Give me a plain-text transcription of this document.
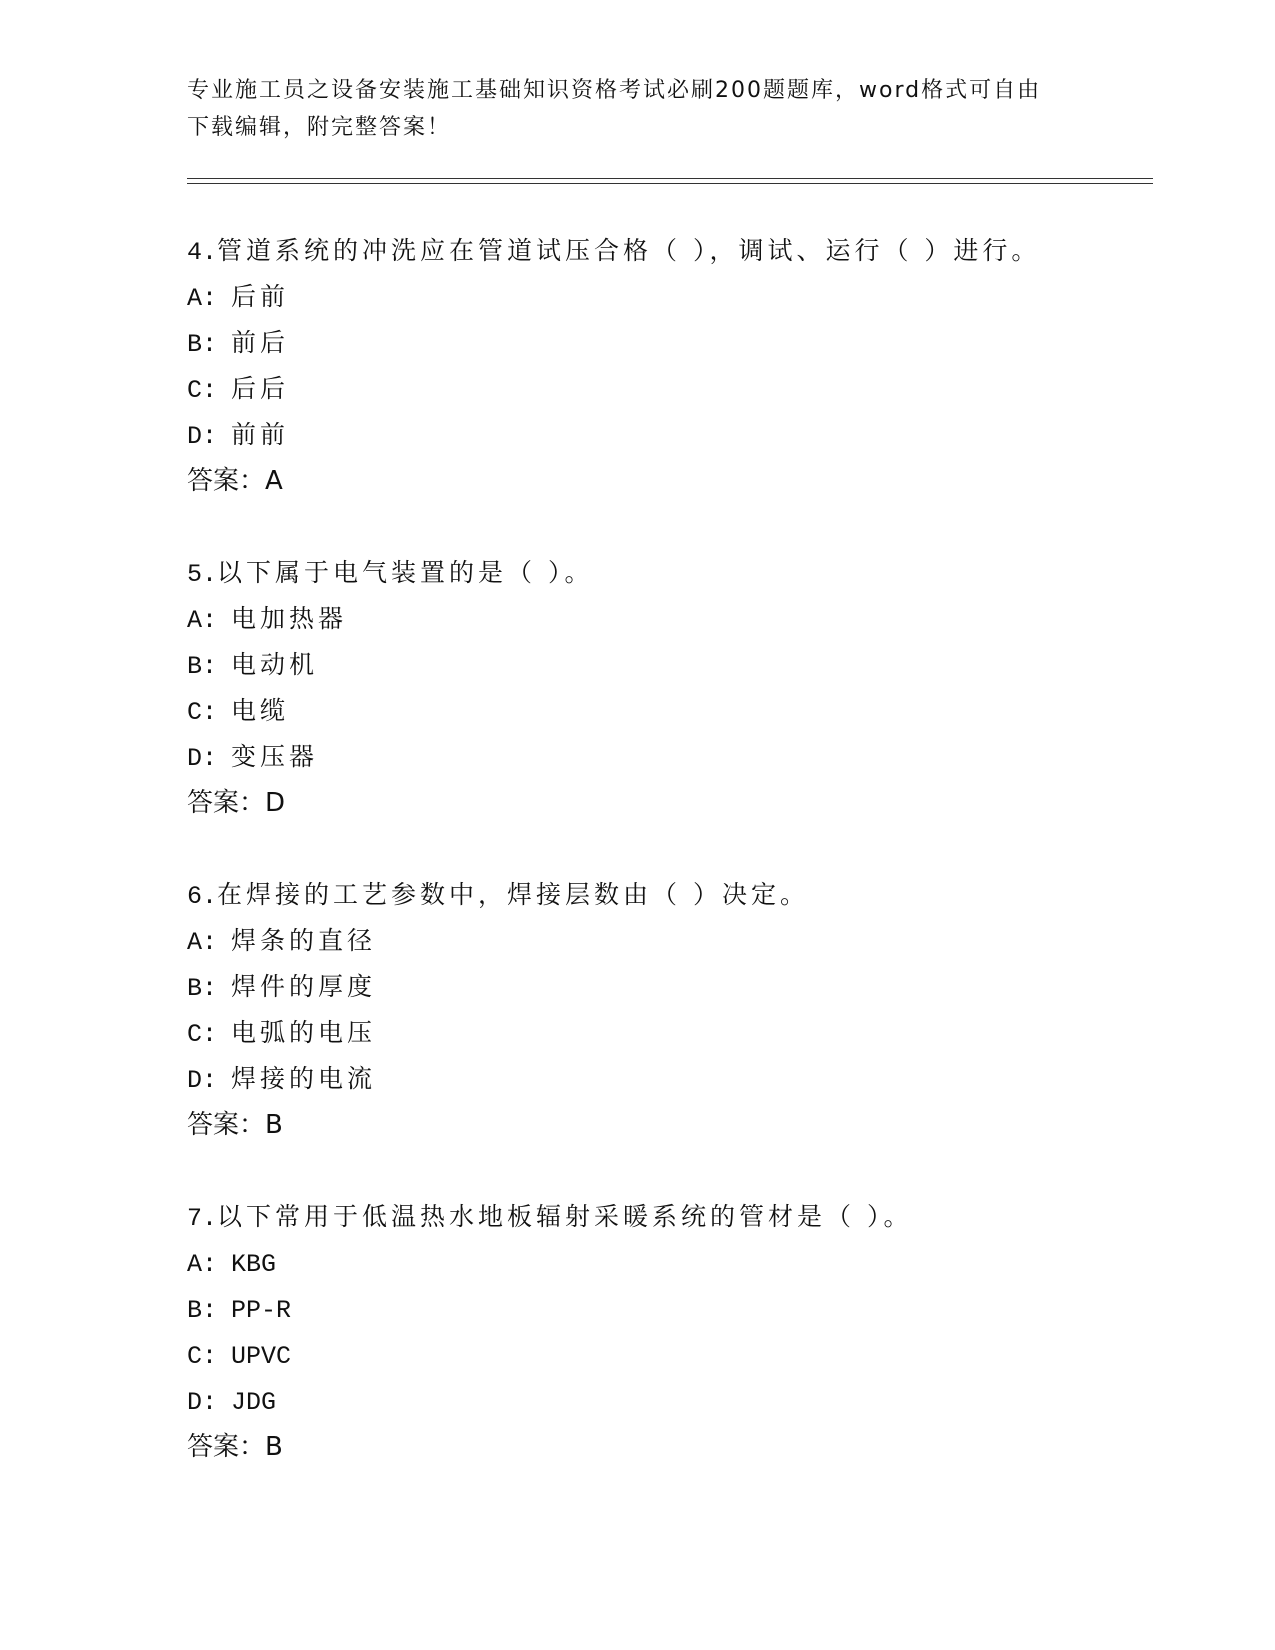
专业施工员之设备安装施工基础知识资格考试必刷200题题库，word格式可自由
下载编辑，附完整答案！
4.管道系统的冲洗应在管道试压合格（ ），调试、运行（ ）进行。
A: 后前
B: 前后
C: 后后
D: 前前
答案：A
5.以下属于电气装置的是（ ）。
A: 电加热器
B: 电动机
C: 电缆
D: 变压器
答案：D
6.在焊接的工艺参数中，焊接层数由（ ）决定。
A: 焊条的直径
B: 焊件的厚度
C: 电弧的电压
D: 焊接的电流
答案：B
7.以下常用于低温热水地板辐射采暖系统的管材是（ ）。
A: KBG
B: PP-R
C: UPVC
D: JDG
答案：B
